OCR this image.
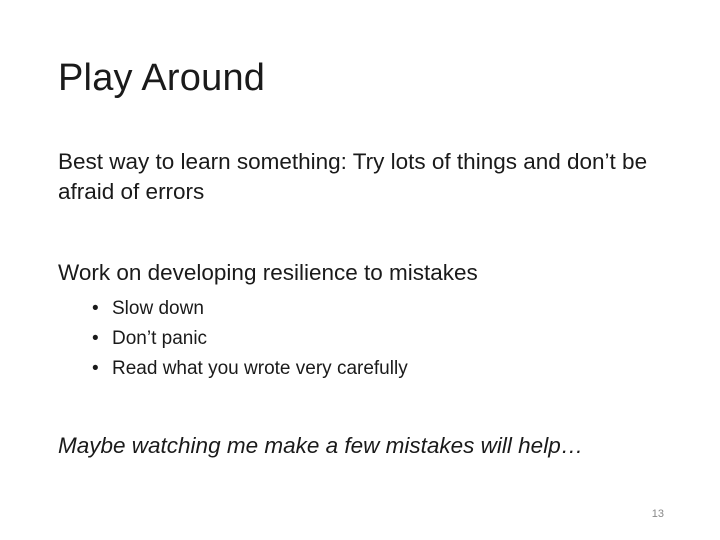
Play Around
Best way to learn something: Try lots of things and don’t be afraid of errors
Work on developing resilience to mistakes
• Slow down
• Don’t panic
• Read what you wrote very carefully
Maybe watching me make a few mistakes will help…
13
